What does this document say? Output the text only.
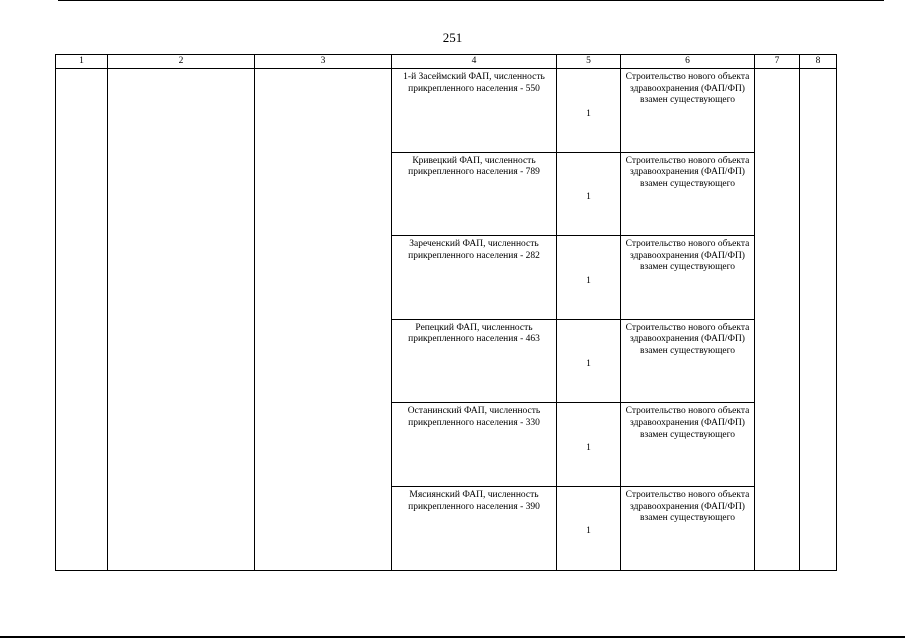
251
1	2	3	4	5	6	7	8
			1-й Засеймский ФАП, численность прикрепленного населения - 550	1	Строительство нового объекта здравоохранения (ФАП/ФП) взамен существующего		
			Кривецкий ФАП, численность прикрепленного населения - 789	1	Строительство нового объекта здравоохранения (ФАП/ФП) взамен существующего		
			Зареченский ФАП, численность прикрепленного населения - 282	1	Строительство нового объекта здравоохранения (ФАП/ФП) взамен существующего		
			Репецкий ФАП, численность прикрепленного населения - 463	1	Строительство нового объекта здравоохранения (ФАП/ФП) взамен существующего		
			Останинский ФАП, численность прикрепленного населения - 330	1	Строительство нового объекта здравоохранения (ФАП/ФП) взамен существующего		
			Мясиянский ФАП, численность прикрепленного населения - 390	1	Строительство нового объекта здравоохранения (ФАП/ФП) взамен существующего		
